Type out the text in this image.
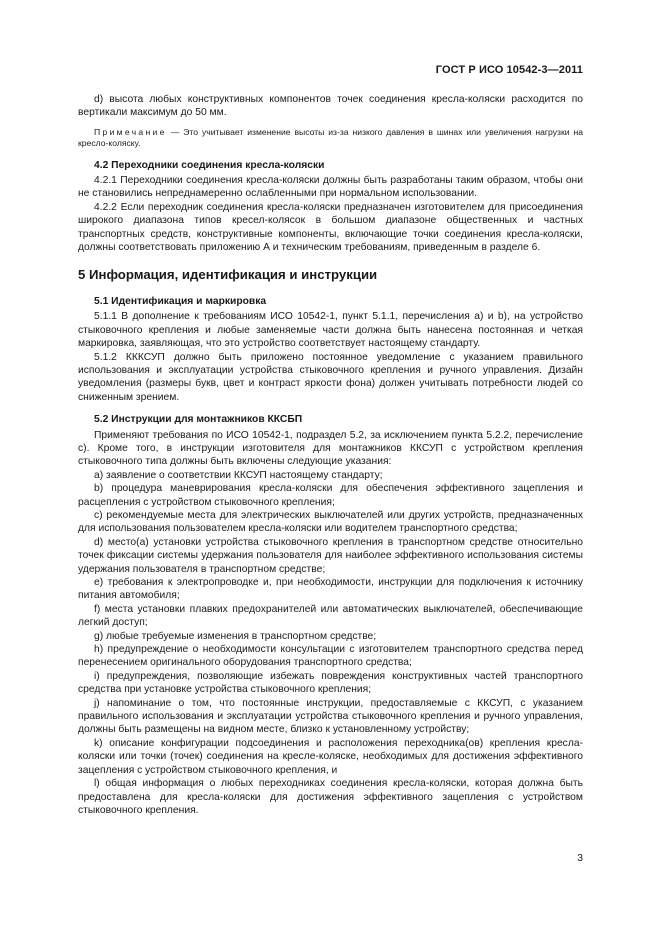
ГОСТ Р ИСО 10542-3—2011

d) высота любых конструктивных компонентов точек соединения кресла-коляски расходится по вертикали максимум до 50 мм.

Примечание — Это учитывает изменение высоты из-за низкого давления в шинах или увеличения нагрузки на кресло-коляску.

4.2 Переходники соединения кресла-коляски

4.2.1 Переходники соединения кресла-коляски должны быть разработаны таким образом, чтобы они не становились непреднамеренно ослабленными при нормальном использовании.

4.2.2 Если переходник соединения кресла-коляски предназначен изготовителем для присоединения широкого диапазона типов кресел-колясок в большом диапазоне общественных и частных транспортных средств, конструктивные компоненты, включающие точки соединения кресла-коляски, должны соответствовать приложению А и техническим требованиям, приведенным в разделе 6.

5 Информация, идентификация и инструкции
5.1 Идентификация и маркировка

5.1.1 В дополнение к требованиям ИСО 10542-1, пункт 5.1.1, перечисления а) и b), на устройство стыковочного крепления и любые заменяемые части должна быть нанесена постоянная и четкая маркировка, заявляющая, что это устройство соответствует настоящему стандарту.

5.1.2 КККСУП должно быть приложено постоянное уведомление с указанием правильного использования и эксплуатации устройства стыковочного крепления и ручного управления. Дизайн уведомления (размеры букв, цвет и контраст яркости фона) должен учитывать потребности людей со сниженным зрением.

5.2 Инструкции для монтажников ККСБП

Применяют требования по ИСО 10542-1, подраздел 5.2, за исключением пункта 5.2.2, перечисление с). Кроме того, в инструкции изготовителя для монтажников ККСУП с устройством крепления стыковочного типа должны быть включены следующие указания:

a) заявление о соответствии ККСУП настоящему стандарту;

b) процедура маневрирования кресла-коляски для обеспечения эффективного зацепления и расцепления с устройством стыковочного крепления;

c) рекомендуемые места для электрических выключателей или других устройств, предназначенных для использования пользователем кресла-коляски или водителем транспортного средства;

d) место(а) установки устройства стыковочного крепления в транспортном средстве относительно точек фиксации системы удержания пользователя для наиболее эффективного использования системы удержания пользователя в транспортном средстве;

e) требования к электропроводке и, при необходимости, инструкции для подключения к источнику питания автомобиля;

f) места установки плавких предохранителей или автоматических выключателей, обеспечивающие легкий доступ;

g) любые требуемые изменения в транспортном средстве;

h) предупреждение о необходимости консультации с изготовителем транспортного средства перед перенесением оригинального оборудования транспортного средства;

i) предупреждения, позволяющие избежать повреждения конструктивных частей транспортного средства при установке устройства стыковочного крепления;

j) напоминание о том, что постоянные инструкции, предоставляемые с ККСУП, с указанием правильного использования и эксплуатации устройства стыковочного крепления и ручного управления, должны быть размещены на видном месте, близко к установленному устройству;

k) описание конфигурации подсоединения и расположения переходника(ов) крепления кресла-коляски или точки (точек) соединения на кресле-коляске, необходимых для достижения эффективного зацепления с устройством стыковочного крепления, и

l) общая информация о любых переходниках соединения кресла-коляски, которая должна быть предоставлена для кресла-коляски для достижения эффективного зацепления с устройством стыковочного крепления.

3
